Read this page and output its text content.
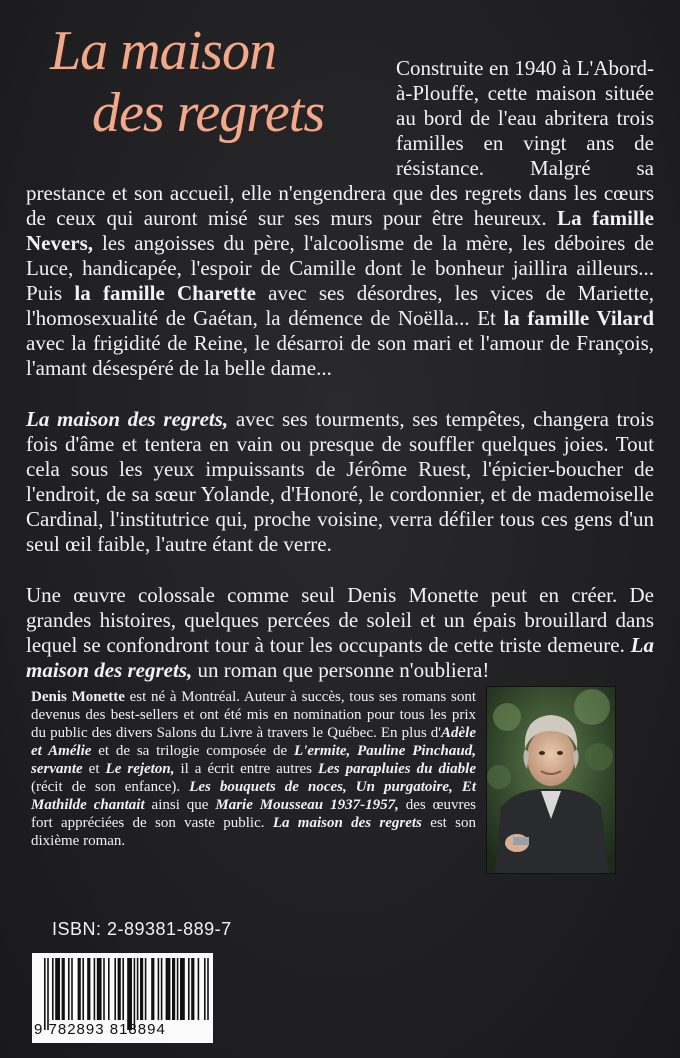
La maison
des regrets

Construite en 1940 à L'Abord-à-Plouffe, cette maison située au bord de l'eau abritera trois familles en vingt ans de résistance. Malgré sa prestance et son accueil, elle n'engendrera que des regrets dans les cœurs de ceux qui auront misé sur ses murs pour être heureux. La famille Nevers, les angoisses du père, l'alcoolisme de la mère, les déboires de Luce, handicapée, l'espoir de Camille dont le bonheur jaillira ailleurs... Puis la famille Charette avec ses désordres, les vices de Mariette, l'homosexualité de Gaétan, la démence de Noëlla... Et la famille Vilard avec la frigidité de Reine, le désarroi de son mari et l'amour de François, l'amant désespéré de la belle dame...

La maison des regrets, avec ses tourments, ses tempêtes, changera trois fois d'âme et tentera en vain ou presque de souffler quelques joies. Tout cela sous les yeux impuissants de Jérôme Ruest, l'épicier-boucher de l'endroit, de sa sœur Yolande, d'Honoré, le cordonnier, et de mademoiselle Cardinal, l'institutrice qui, proche voisine, verra défiler tous ces gens d'un seul œil faible, l'autre étant de verre.

Une œuvre colossale comme seul Denis Monette peut en créer. De grandes histoires, quelques percées de soleil et un épais brouillard dans lequel se confondront tour à tour les occupants de cette triste demeure. La maison des regrets, un roman que personne n'oubliera!

Denis Monette est né à Montréal. Auteur à succès, tous ses romans sont devenus des best-sellers et ont été mis en nomination pour tous les prix du public des divers Salons du Livre à travers le Québec. En plus d'Adèle et Amélie et de sa trilogie composée de L'ermite, Pauline Pinchaud, servante et Le rejeton, il a écrit entre autres Les parapluies du diable (récit de son enfance). Les bouquets de noces, Un purgatoire, Et Mathilde chantait ainsi que Marie Mousseau 1937-1957, des œuvres fort appréciées de son vaste public. La maison des regrets est son dixième roman.
ISBN: 2-89381-889-7
9 782893 818894
